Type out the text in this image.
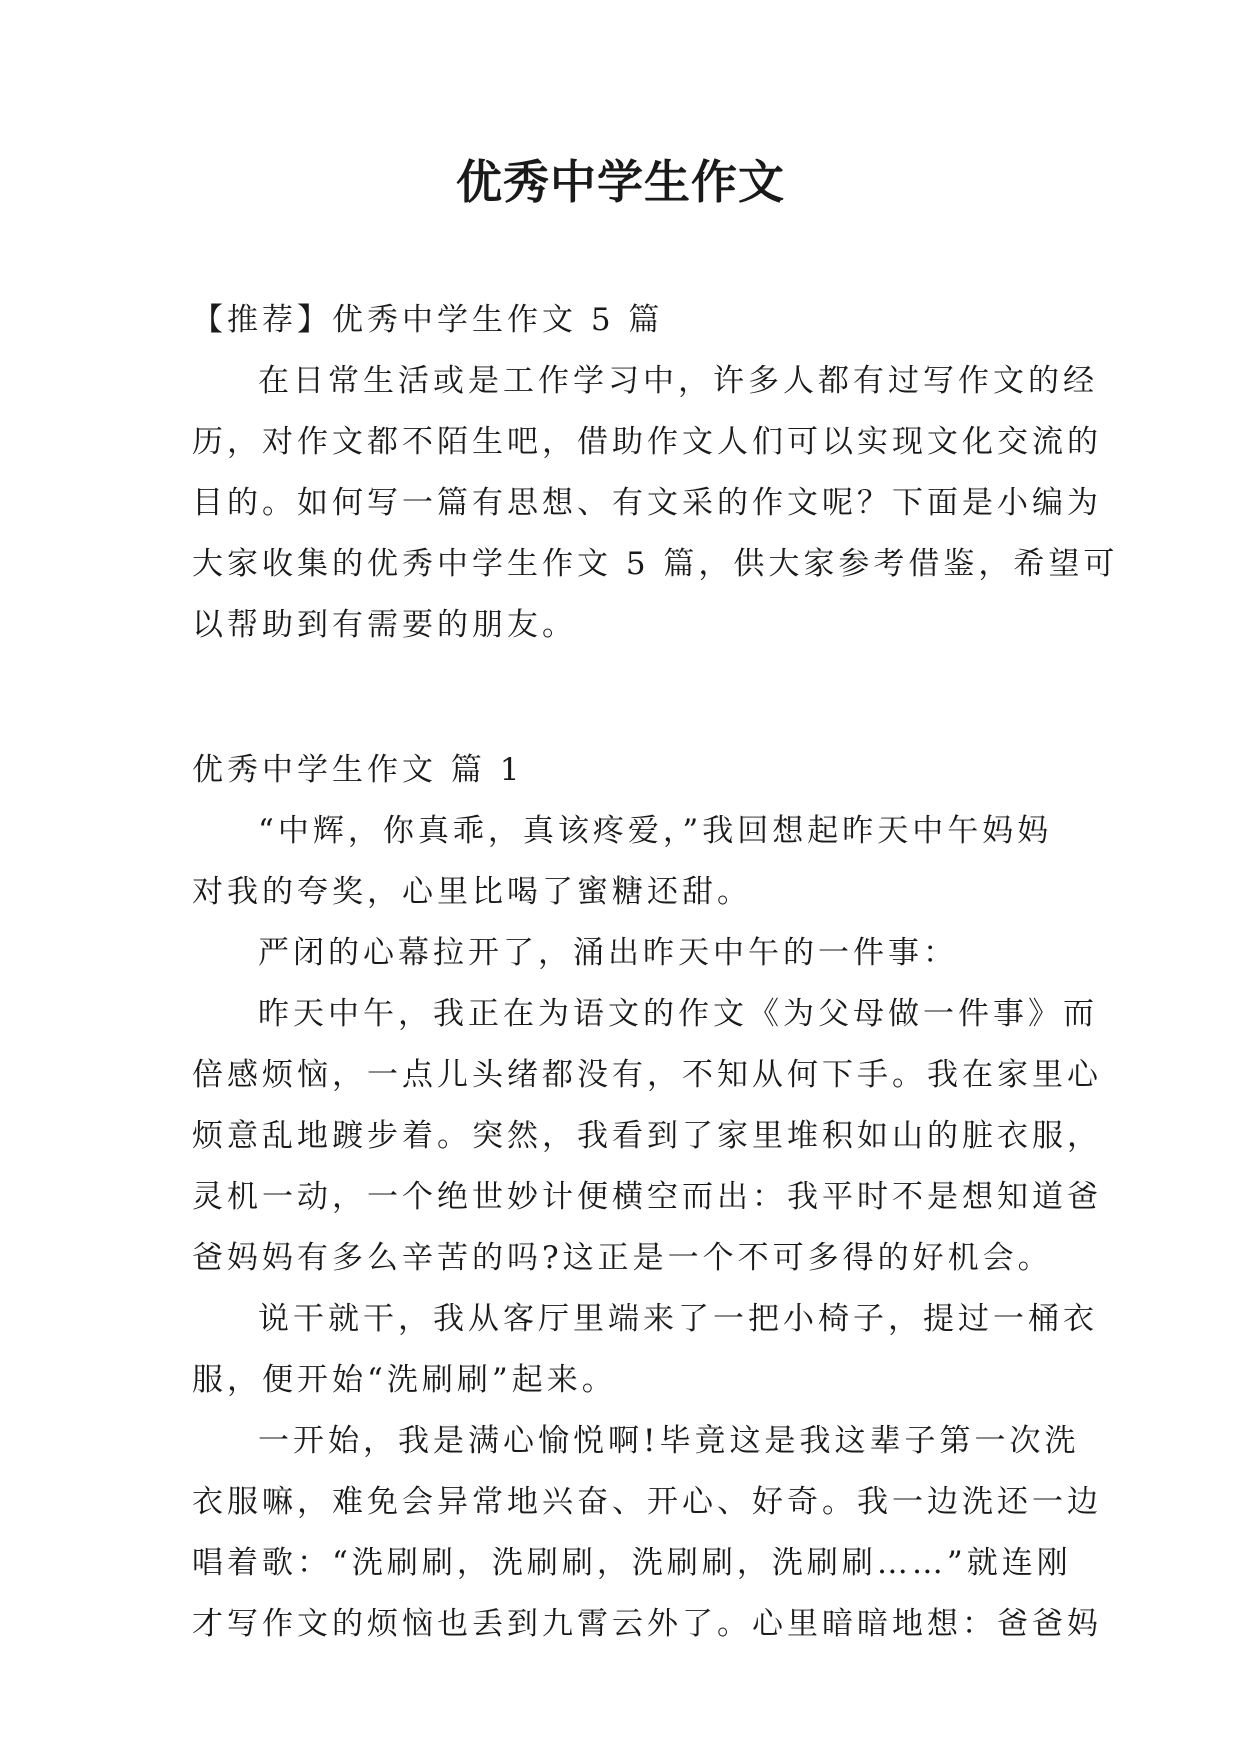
优秀中学生作文
【推荐】优秀中学生作文 5 篇
在日常生活或是工作学习中，许多人都有过写作文的经
历，对作文都不陌生吧，借助作文人们可以实现文化交流的
目的。如何写一篇有思想、有文采的作文呢？下面是小编为
大家收集的优秀中学生作文 5 篇，供大家参考借鉴，希望可
以帮助到有需要的朋友。
优秀中学生作文 篇 1
“中辉，你真乖，真该疼爱，”我回想起昨天中午妈妈
对我的夸奖，心里比喝了蜜糖还甜。
严闭的心幕拉开了，涌出昨天中午的一件事：
昨天中午，我正在为语文的作文《为父母做一件事》而
倍感烦恼，一点儿头绪都没有，不知从何下手。我在家里心
烦意乱地踱步着。突然，我看到了家里堆积如山的脏衣服，
灵机一动，一个绝世妙计便横空而出：我平时不是想知道爸
爸妈妈有多么辛苦的吗?这正是一个不可多得的好机会。
说干就干，我从客厅里端来了一把小椅子，提过一桶衣
服，便开始“洗刷刷”起来。
一开始，我是满心愉悦啊!毕竟这是我这辈子第一次洗
衣服嘛，难免会异常地兴奋、开心、好奇。我一边洗还一边
唱着歌：“洗刷刷，洗刷刷，洗刷刷，洗刷刷……”就连刚
才写作文的烦恼也丢到九霄云外了。心里暗暗地想：爸爸妈
